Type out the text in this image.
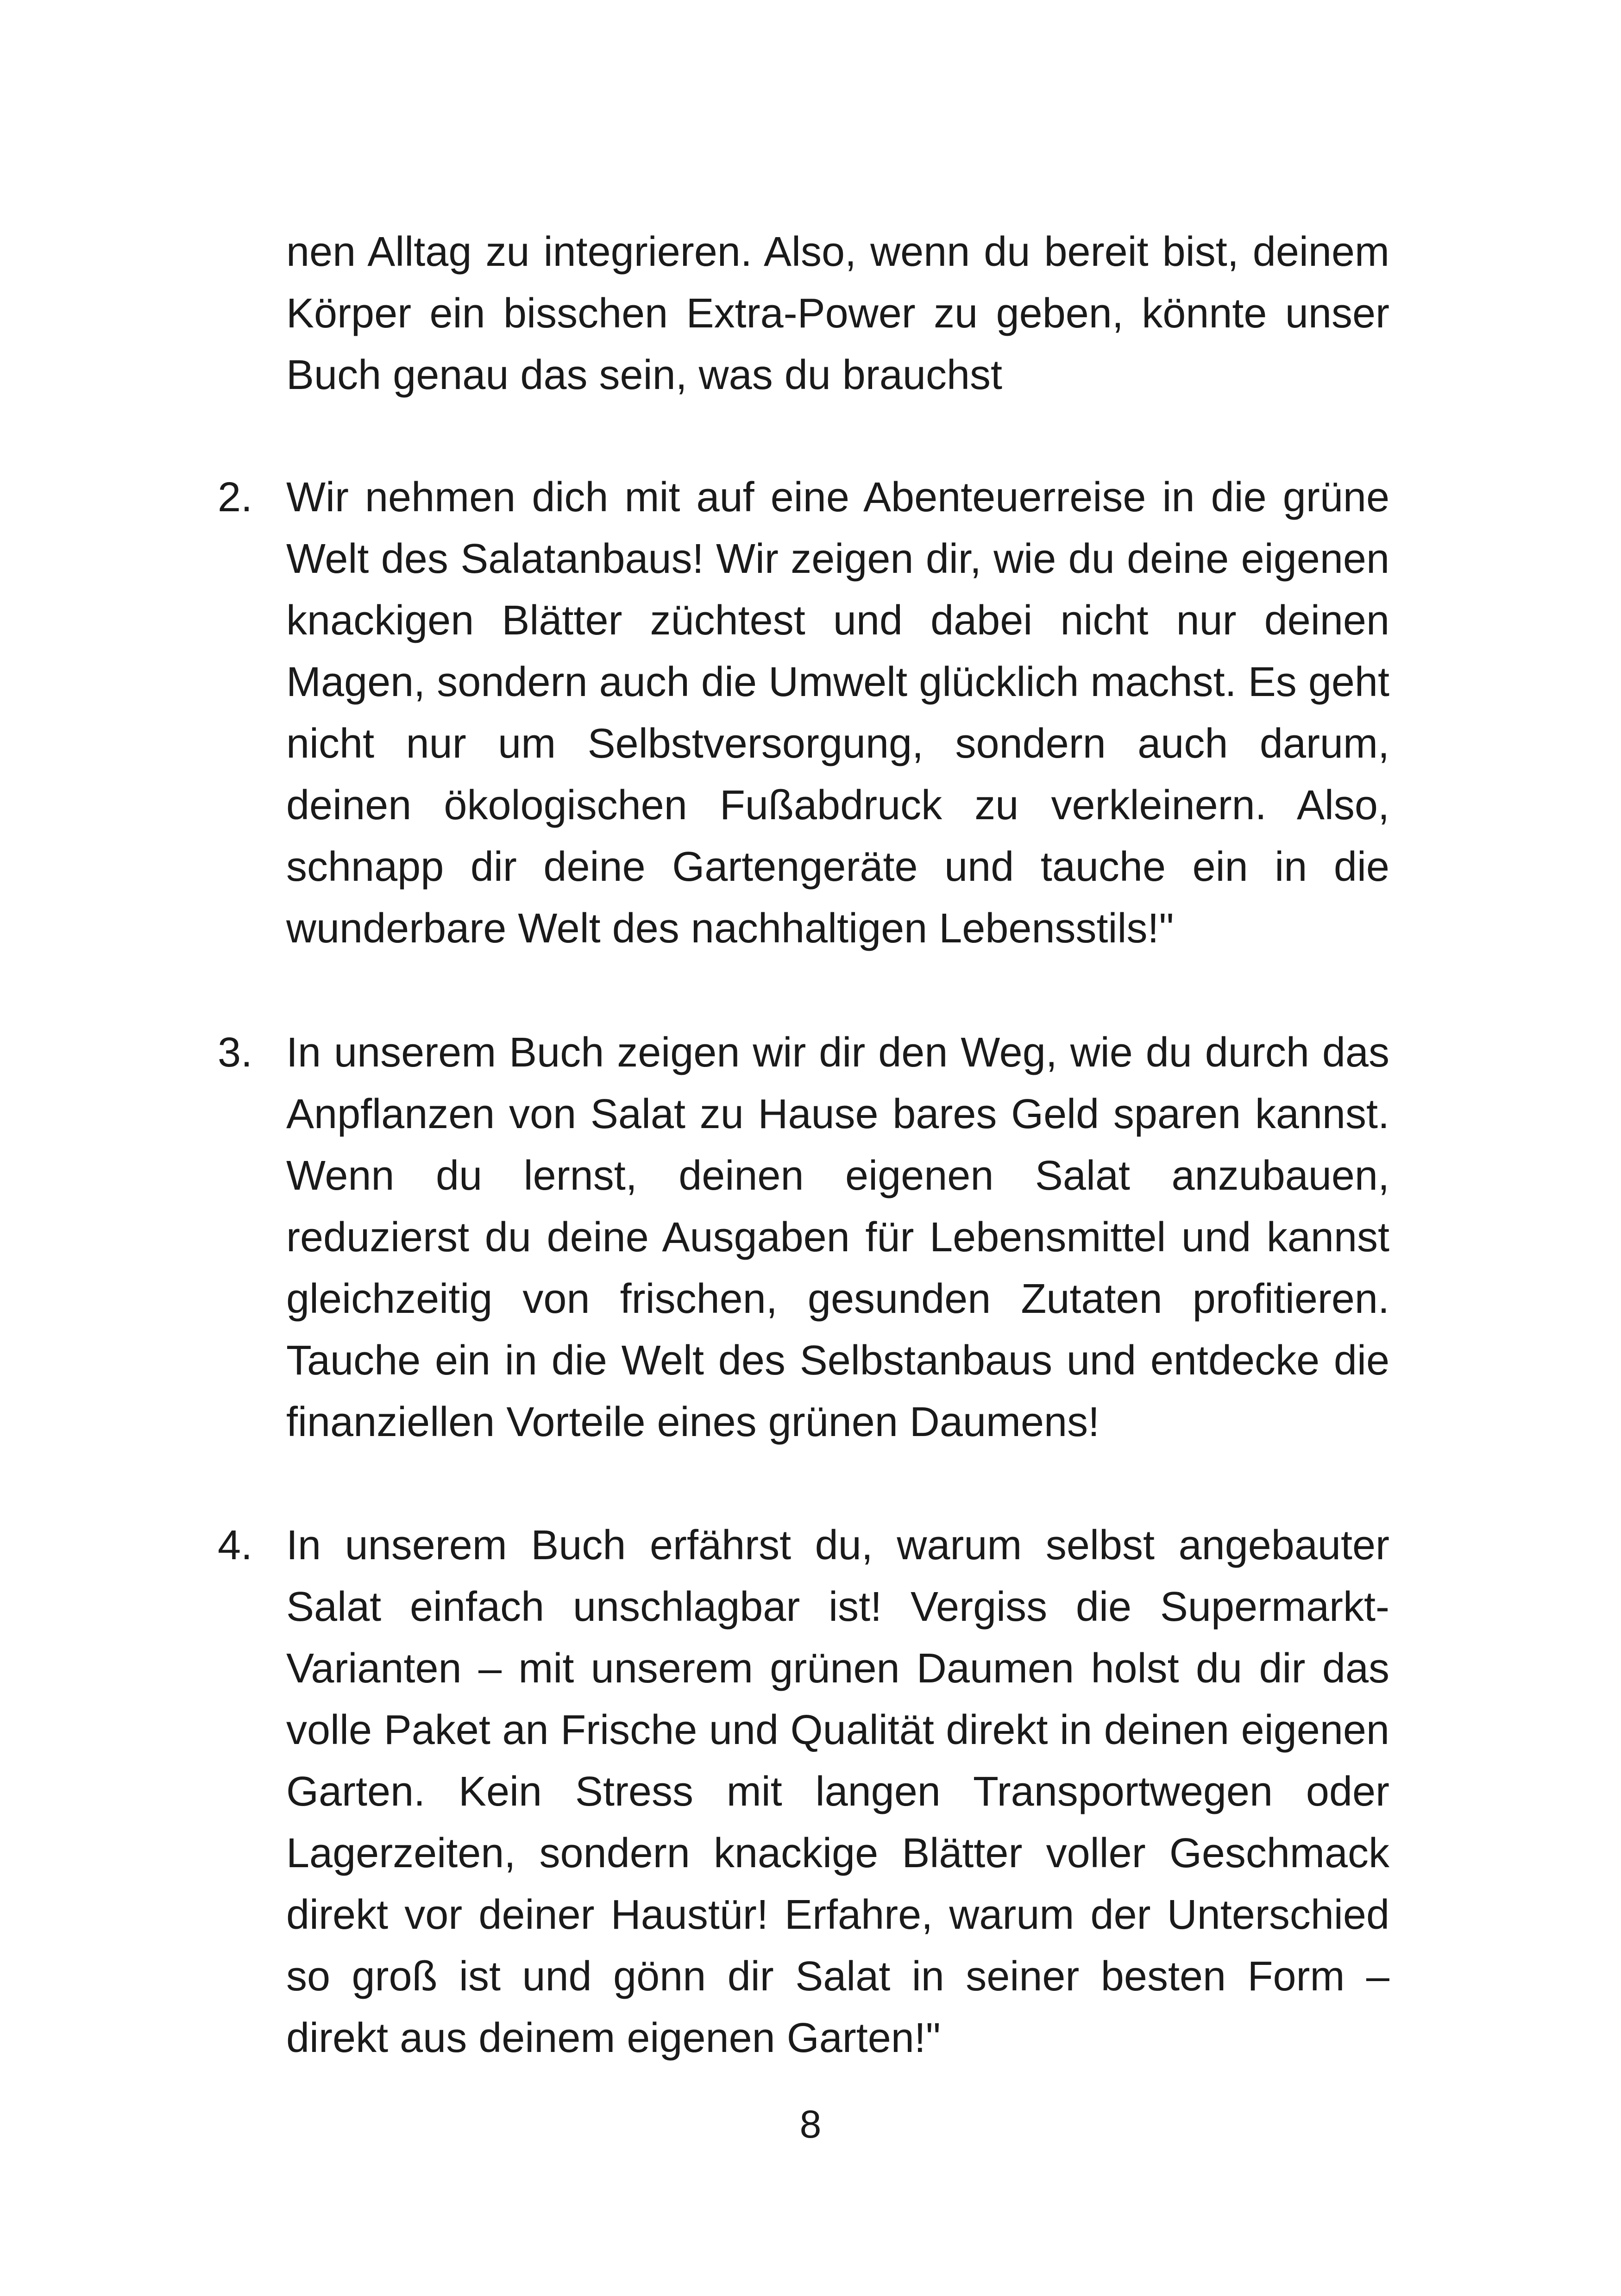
nen Alltag zu integrieren. Also, wenn du bereit bist, deinem Körper ein bisschen Extra-Power zu geben, könnte unser Buch genau das sein, was du brauchst

2. Wir nehmen dich mit auf eine Abenteuerreise in die grüne Welt des Salatanbaus! Wir zeigen dir, wie du deine eigenen knackigen Blätter züchtest und dabei nicht nur deinen Magen, sondern auch die Umwelt glücklich machst. Es geht nicht nur um Selbstversorgung, sondern auch darum, deinen ökologischen Fußabdruck zu verkleinern. Also, schnapp dir deine Gartengeräte und tauche ein in die wunderbare Welt des nachhaltigen Lebensstils!"

3. In unserem Buch zeigen wir dir den Weg, wie du durch das Anpflanzen von Salat zu Hause bares Geld sparen kannst. Wenn du lernst, deinen eigenen Salat anzubauen, reduzierst du deine Ausgaben für Lebensmittel und kannst gleichzeitig von frischen, gesunden Zutaten profitieren. Tauche ein in die Welt des Selbstanbaus und entdecke die finanziellen Vorteile eines grünen Daumens!

4. In unserem Buch erfährst du, warum selbst angebauter Salat einfach unschlagbar ist! Vergiss die Supermarkt-Varianten – mit unserem grünen Daumen holst du dir das volle Paket an Frische und Qualität direkt in deinen eigenen Garten. Kein Stress mit langen Transportwegen oder Lagerzeiten, sondern knackige Blätter voller Geschmack direkt vor deiner Haustür! Erfahre, warum der Unterschied so groß ist und gönn dir Salat in seiner besten Form – direkt aus deinem eigenen Garten!"

8
